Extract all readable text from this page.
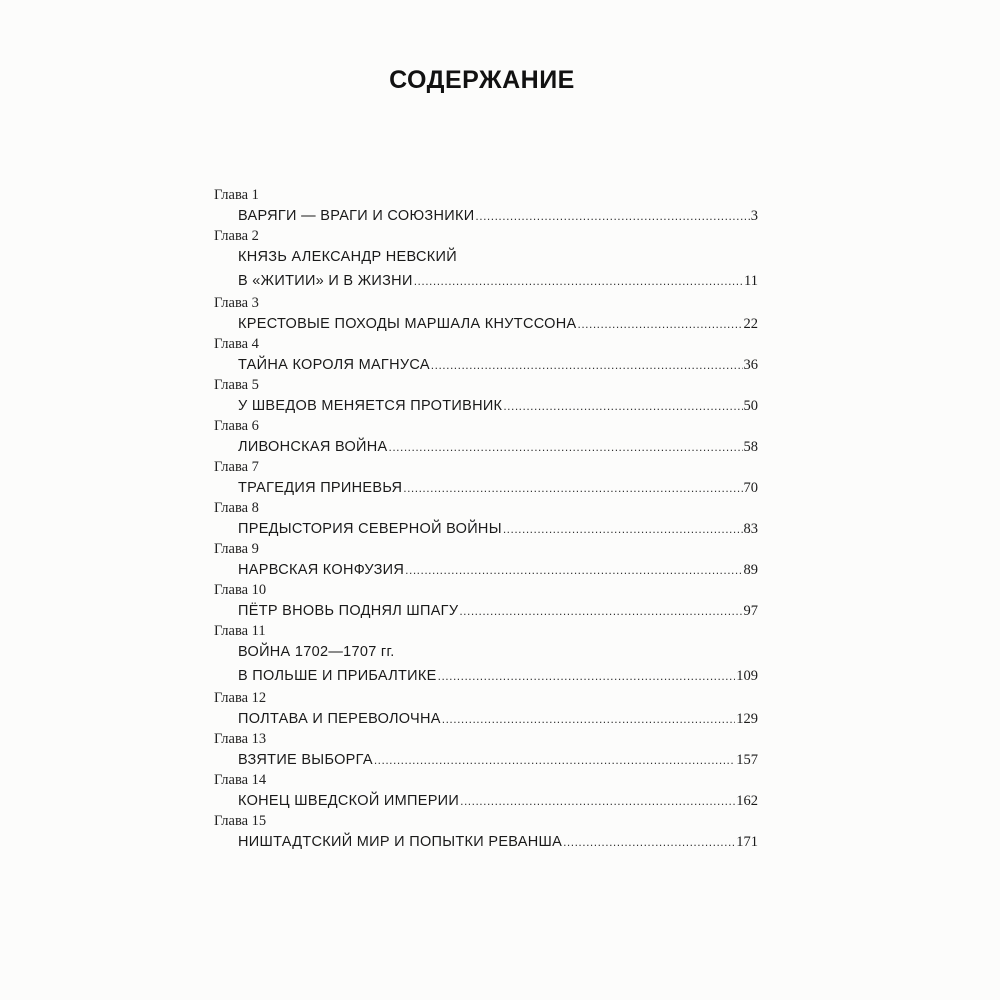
СОДЕРЖАНИЕ
Глава 1
ВАРЯГИ — ВРАГИ И СОЮЗНИКИ .....	3
Глава 2
КНЯЗЬ АЛЕКСАНДР НЕВСКИЙ
В «ЖИТИИ» И В ЖИЗНИ .....	11
Глава 3
КРЕСТОВЫЕ ПОХОДЫ МАРШАЛА КНУТССОНА .....	22
Глава 4
ТАЙНА КОРОЛЯ МАГНУСА .....	36
Глава 5
У ШВЕДОВ МЕНЯЕТСЯ ПРОТИВНИК .....	50
Глава 6
ЛИВОНСКАЯ ВОЙНА .....	58
Глава 7
ТРАГЕДИЯ ПРИНЕВЬЯ .....	70
Глава 8
ПРЕДЫСТОРИЯ СЕВЕРНОЙ ВОЙНЫ .....	83
Глава 9
НАРВСКАЯ КОНФУЗИЯ .....	89
Глава 10
ПЁТР ВНОВЬ ПОДНЯЛ ШПАГУ .....	97
Глава 11
ВОЙНА 1702—1707 гг.
В ПОЛЬШЕ И ПРИБАЛТИКЕ .....	109
Глава 12
ПОЛТАВА И ПЕРЕВОЛОЧНА .....	129
Глава 13
ВЗЯТИЕ ВЫБОРГА .....	157
Глава 14
КОНЕЦ ШВЕДСКОЙ ИМПЕРИИ .....	162
Глава 15
НИШТАДТСКИЙ МИР И ПОПЫТКИ РЕВАНША .....	171
